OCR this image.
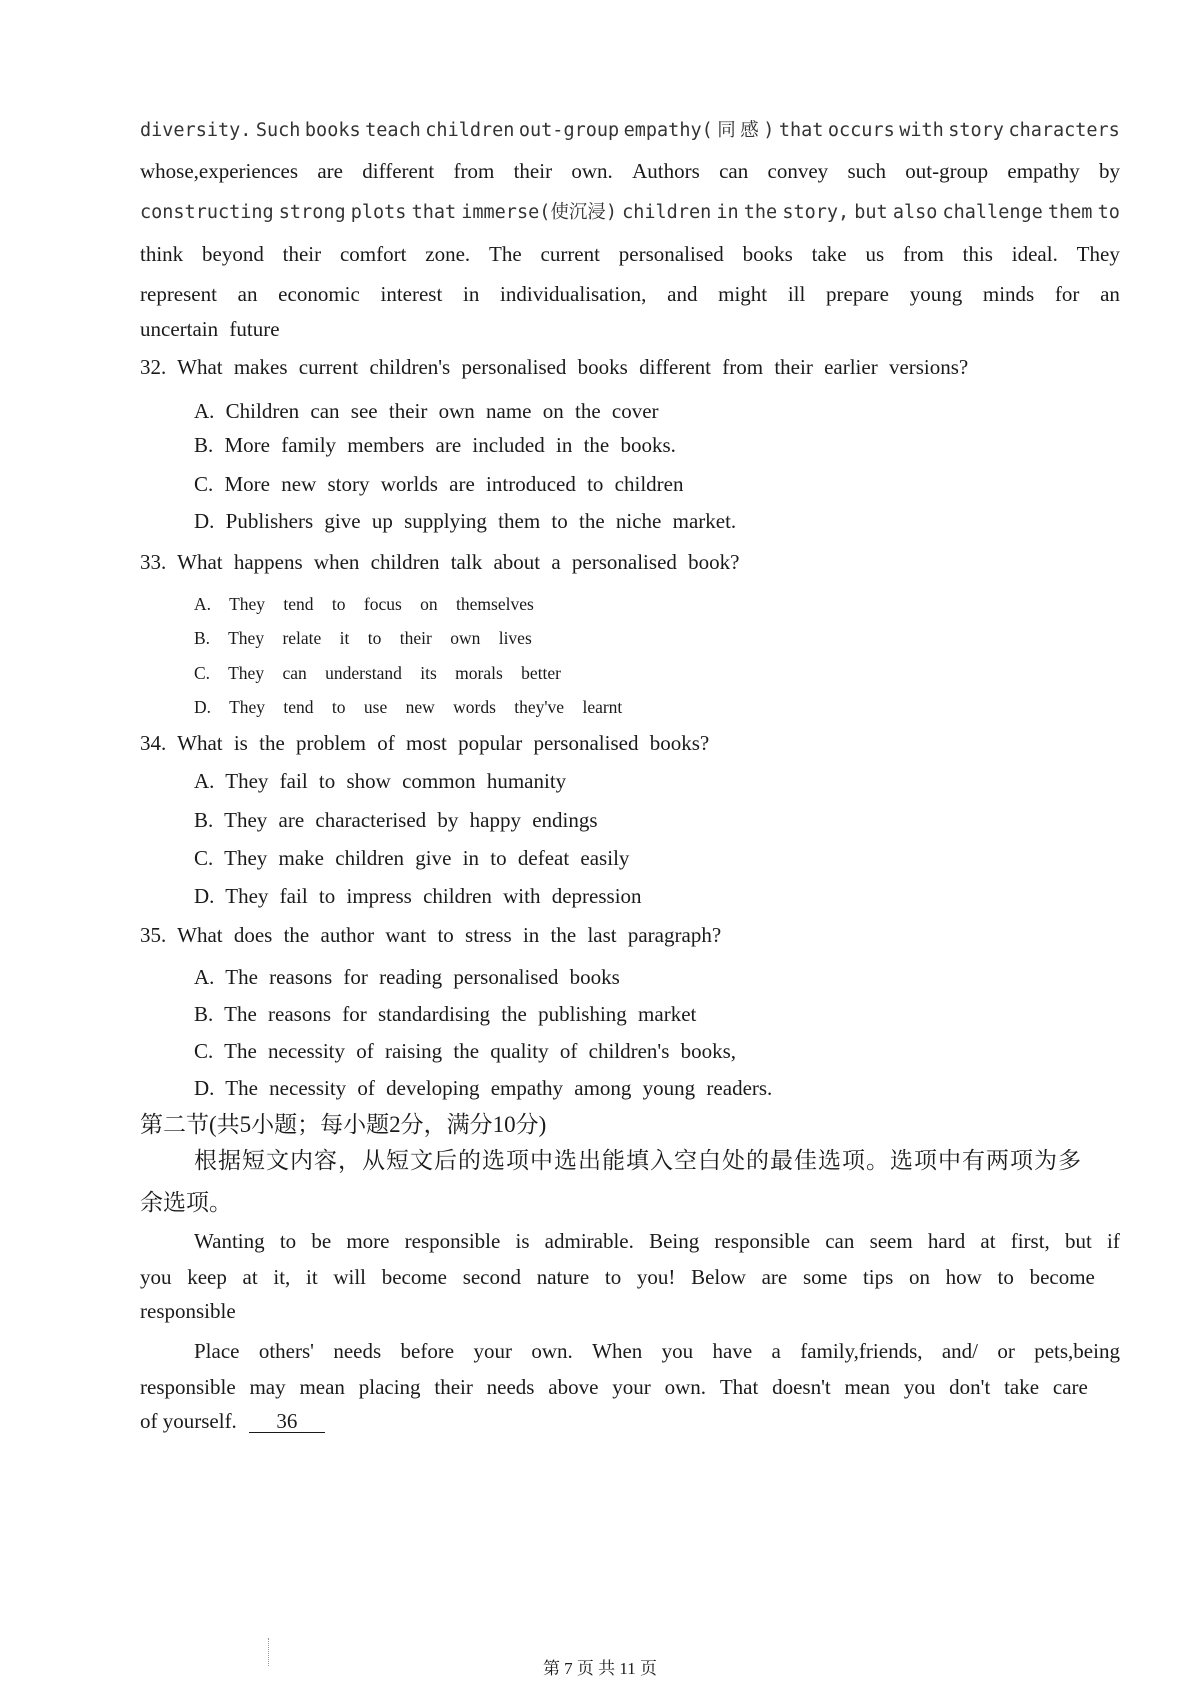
diversity. Such books teach children out-group empathy( 同 感 ) that occurs with story characters
whose,experiences are different from their own. Authors can convey such out-group empathy by
constructing strong plots that immerse(使沉浸) children in the story, but also challenge them to
think beyond their comfort zone. The current personalised books take us from this ideal. They
represent an economic interest in individualisation, and might ill prepare young minds for an
uncertain future
32. What makes current children's personalised books different from their earlier versions?
A. Children can see their own name on the cover
B. More family members are included in the books.
C. More new story worlds are introduced to children
D. Publishers give up supplying them to the niche market.
33. What happens when children talk about a personalised book?
A. They tend to focus on themselves
B. They relate it to their own lives
C. They can understand its morals better
D. They tend to use new words they've learnt
34. What is the problem of most popular personalised books?
A. They fail to show common humanity
B. They are characterised by happy endings
C. They make children give in to defeat easily
D. They fail to impress children with depression
35. What does the author want to stress in the last paragraph?
A. The reasons for reading personalised books
B. The reasons for standardising the publishing market
C. The necessity of raising the quality of children's books,
D. The necessity of developing empathy among young readers.
第二节(共5小题；每小题2分，满分10分)
根据短文内容，从短文后的选项中选出能填入空白处的最佳选项。选项中有两项为多
余选项。
Wanting to be more responsible is admirable. Being responsible can seem hard at first, but if
you keep at it, it will become second nature to you! Below are some tips on how to become
responsible
Place others' needs before your own. When you have a family,friends, and/ or pets,being
responsible may mean placing their needs above your own. That doesn't mean you don't take care
of yourself. 36
第 7 页 共 11 页
